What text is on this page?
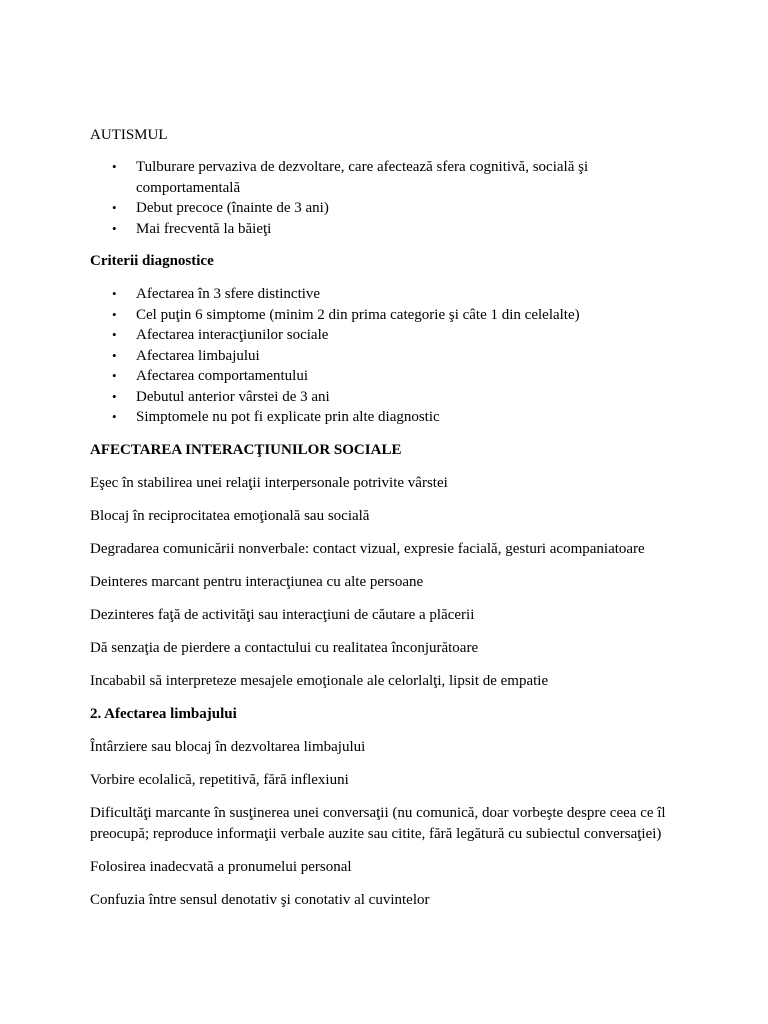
AUTISMUL

• Tulburare pervaziva de dezvoltare, care afectează sfera cognitivă, socială şi comportamentală
• Debut precoce (înainte de 3 ani)
• Mai frecventă la băieţi

Criterii diagnostice

• Afectarea în 3 sfere distinctive
• Cel puţin 6 simptome (minim 2 din prima categorie şi câte 1 din celelalte)
• Afectarea interacţiunilor sociale
• Afectarea limbajului
• Afectarea comportamentului
• Debutul anterior vârstei de 3 ani
• Simptomele nu pot fi explicate prin alte diagnostic

AFECTAREA INTERACŢIUNILOR SOCIALE

Eşec în stabilirea unei relaţii interpersonale potrivite vârstei

Blocaj în reciprocitatea emoţională sau socială

Degradarea comunicării nonverbale: contact vizual, expresie facială, gesturi acompaniatoare

Deinteres marcant pentru interacţiunea cu alte persoane

Dezinteres faţă de activităţi sau interacţiuni de căutare a plăcerii

Dă senzaţia de pierdere a contactului cu realitatea înconjurătoare

Incababil să interpreteze mesajele emoţionale ale celorlalţi, lipsit de empatie

2. Afectarea limbajului

Întârziere sau blocaj în dezvoltarea limbajului

Vorbire ecolalică, repetitivă, fără inflexiuni

Dificultăţi marcante în susţinerea unei conversaţii (nu comunică, doar vorbeşte despre ceea ce îl preocupă; reproduce informaţii verbale auzite sau citite, fără legătură cu subiectul conversaţiei)

Folosirea inadecvată a pronumelui personal

Confuzia între sensul denotativ şi conotativ al cuvintelor
